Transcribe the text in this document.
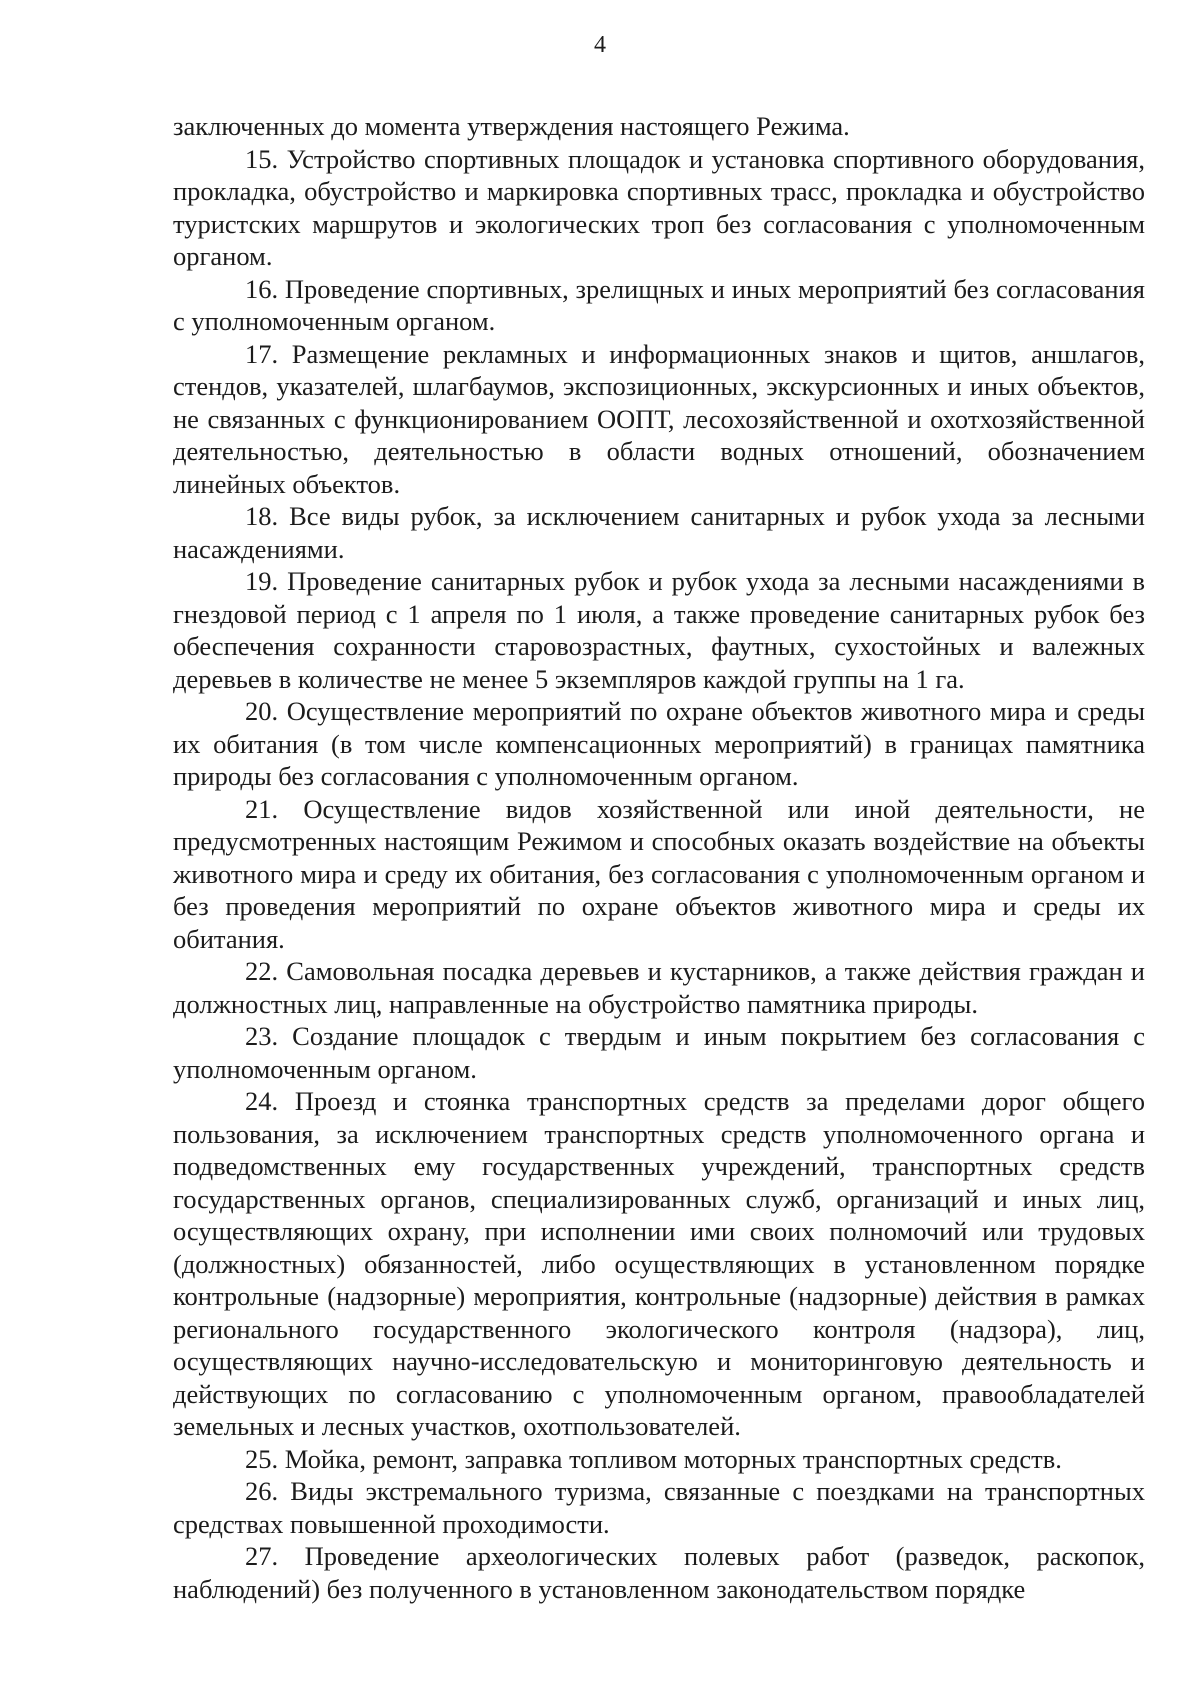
4

заключенных до момента утверждения настоящего Режима.

15. Устройство спортивных площадок и установка спортивного оборудования, прокладка, обустройство и маркировка спортивных трасс, прокладка и обустройство туристских маршрутов и экологических троп без согласования с уполномоченным органом.

16. Проведение спортивных, зрелищных и иных мероприятий без согласования с уполномоченным органом.

17. Размещение рекламных и информационных знаков и щитов, аншлагов, стендов, указателей, шлагбаумов, экспозиционных, экскурсионных и иных объектов, не связанных с функционированием ООПТ, лесохозяйственной и охотхозяйственной деятельностью, деятельностью в области водных отношений, обозначением линейных объектов.

18. Все виды рубок, за исключением санитарных и рубок ухода за лесными насаждениями.

19. Проведение санитарных рубок и рубок ухода за лесными насаждениями в гнездовой период с 1 апреля по 1 июля, а также проведение санитарных рубок без обеспечения сохранности старовозрастных, фаутных, сухостойных и валежных деревьев в количестве не менее 5 экземпляров каждой группы на 1 га.

20. Осуществление мероприятий по охране объектов животного мира и среды их обитания (в том числе компенсационных мероприятий) в границах памятника природы без согласования с уполномоченным органом.

21. Осуществление видов хозяйственной или иной деятельности, не предусмотренных настоящим Режимом и способных оказать воздействие на объекты животного мира и среду их обитания, без согласования с уполномоченным органом и без проведения мероприятий по охране объектов животного мира и среды их обитания.

22. Самовольная посадка деревьев и кустарников, а также действия граждан и должностных лиц, направленные на обустройство памятника природы.

23. Создание площадок с твердым и иным покрытием без согласования с уполномоченным органом.

24. Проезд и стоянка транспортных средств за пределами дорог общего пользования, за исключением транспортных средств уполномоченного органа и подведомственных ему государственных учреждений, транспортных средств государственных органов, специализированных служб, организаций и иных лиц, осуществляющих охрану, при исполнении ими своих полномочий или трудовых (должностных) обязанностей, либо осуществляющих в установленном порядке контрольные (надзорные) мероприятия, контрольные (надзорные) действия в рамках регионального государственного экологического контроля (надзора), лиц, осуществляющих научно-исследовательскую и мониторинговую деятельность и действующих по согласованию с уполномоченным органом, правообладателей земельных и лесных участков, охотпользователей.

25. Мойка, ремонт, заправка топливом моторных транспортных средств.

26. Виды экстремального туризма, связанные с поездками на транспортных средствах повышенной проходимости.

27. Проведение археологических полевых работ (разведок, раскопок, наблюдений) без полученного в установленном законодательством порядке
